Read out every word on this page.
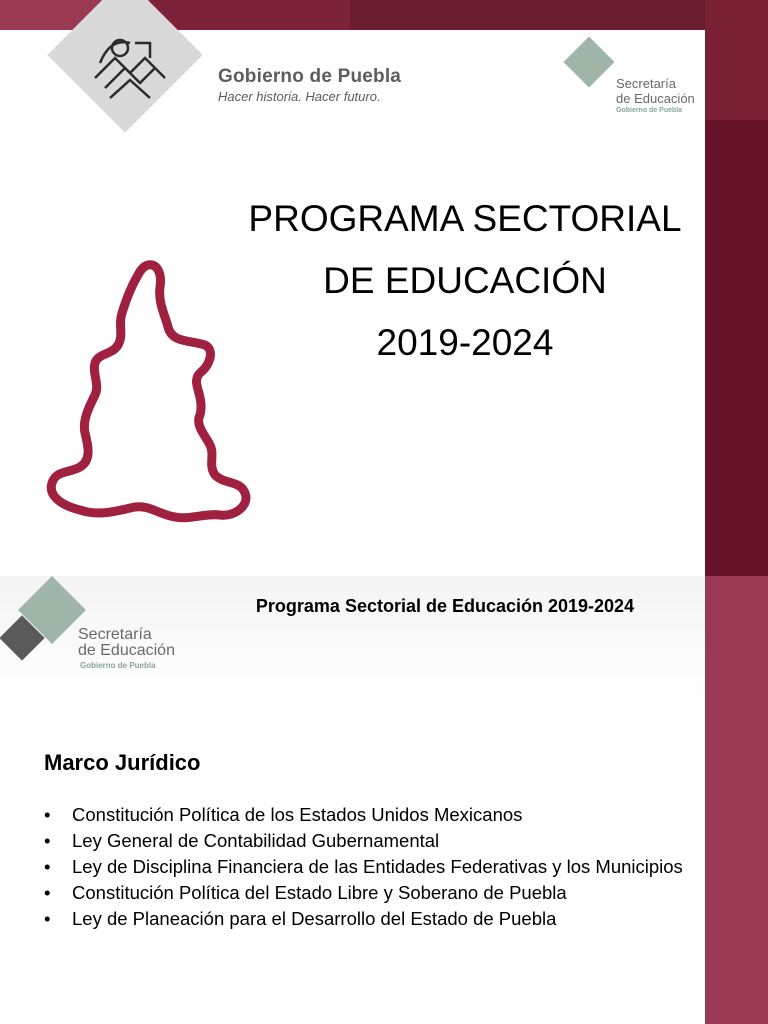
Gobierno de Puebla
Hacer historia. Hacer futuro.
Secretaría
de Educación
Gobierno de Puebla
PROGRAMA SECTORIAL
DE EDUCACIÓN
2019-2024
Secretaría
de Educación
Gobierno de Puebla
Programa Sectorial de Educación 2019-2024
Marco Jurídico
• Constitución Política de los Estados Unidos Mexicanos
• Ley General de Contabilidad Gubernamental
• Ley de Disciplina Financiera de las Entidades Federativas y los Municipios
• Constitución Política del Estado Libre y Soberano de Puebla
• Ley de Planeación para el Desarrollo del Estado de Puebla
